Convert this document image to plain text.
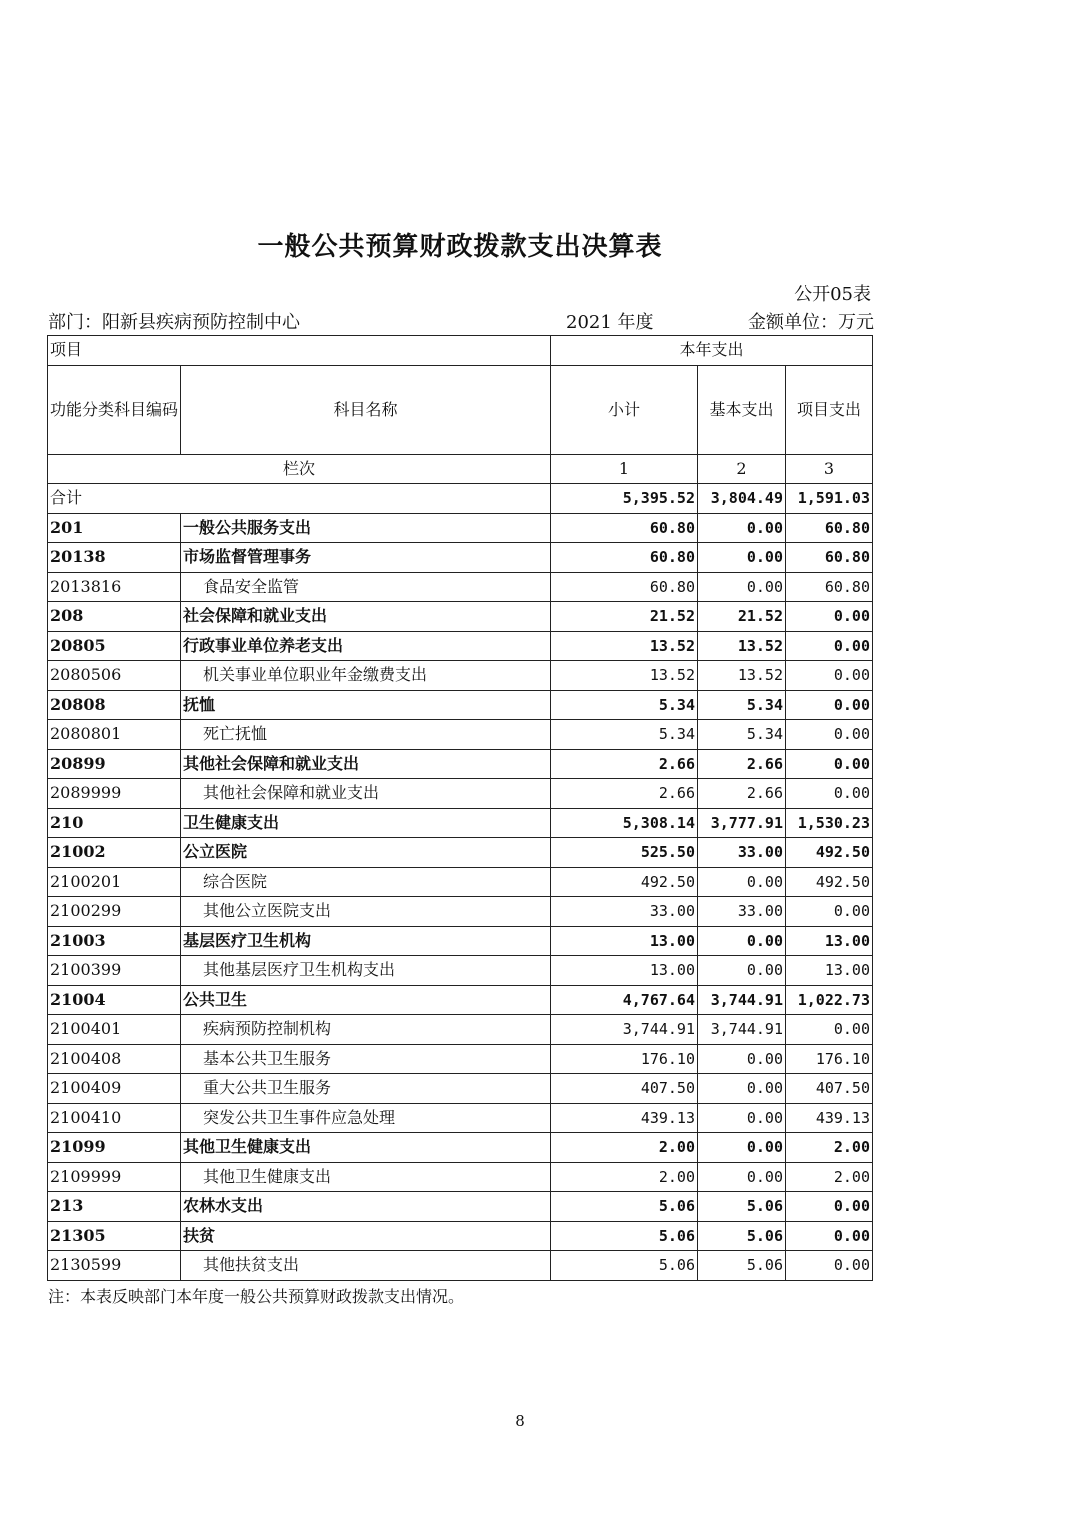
一般公共预算财政拨款支出决算表
公开05表
部门：阳新县疾病预防控制中心	2021 年度	金额单位：万元
项目		本年支出		
功能分类科目编码	科目名称	小计	基本支出	项目支出
栏次		1	2	3
合计		5,395.52	3,804.49	1,591.03
201	一般公共服务支出	60.80	0.00	60.80
20138	市场监督管理事务	60.80	0.00	60.80
2013816	食品安全监管	60.80	0.00	60.80
208	社会保障和就业支出	21.52	21.52	0.00
20805	行政事业单位养老支出	13.52	13.52	0.00
2080506	机关事业单位职业年金缴费支出	13.52	13.52	0.00
20808	抚恤	5.34	5.34	0.00
2080801	死亡抚恤	5.34	5.34	0.00
20899	其他社会保障和就业支出	2.66	2.66	0.00
2089999	其他社会保障和就业支出	2.66	2.66	0.00
210	卫生健康支出	5,308.14	3,777.91	1,530.23
21002	公立医院	525.50	33.00	492.50
2100201	综合医院	492.50	0.00	492.50
2100299	其他公立医院支出	33.00	33.00	0.00
21003	基层医疗卫生机构	13.00	0.00	13.00
2100399	其他基层医疗卫生机构支出	13.00	0.00	13.00
21004	公共卫生	4,767.64	3,744.91	1,022.73
2100401	疾病预防控制机构	3,744.91	3,744.91	0.00
2100408	基本公共卫生服务	176.10	0.00	176.10
2100409	重大公共卫生服务	407.50	0.00	407.50
2100410	突发公共卫生事件应急处理	439.13	0.00	439.13
21099	其他卫生健康支出	2.00	0.00	2.00
2109999	其他卫生健康支出	2.00	0.00	2.00
213	农林水支出	5.06	5.06	0.00
21305	扶贫	5.06	5.06	0.00
2130599	其他扶贫支出	5.06	5.06	0.00
注：本表反映部门本年度一般公共预算财政拨款支出情况。
8
